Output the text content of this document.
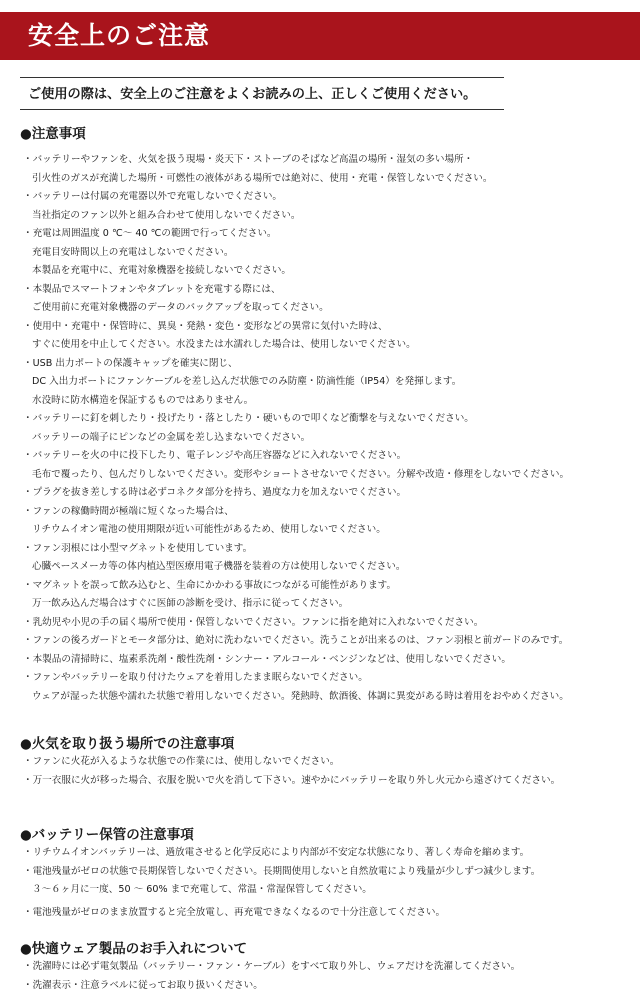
安全上のご注意

ご使用の際は、安全上のご注意をよくお読みの上、正しくご使用ください。

●注意事項
・バッテリーやファンを、火気を扱う現場・炎天下・ストーブのそばなど高温の場所・湿気の多い場所・
引火性のガスが充満した場所・可燃性の液体がある場所では絶対に、使用・充電・保管しないでください。
・バッテリーは付属の充電器以外で充電しないでください。
当社指定のファン以外と組み合わせて使用しないでください。
・充電は周囲温度 0 ℃～ 40 ℃の範囲で行ってください。
充電目安時間以上の充電はしないでください。
本製品を充電中に、充電対象機器を接続しないでください。
・本製品でスマートフォンやタブレットを充電する際には、
ご使用前に充電対象機器のデータのバックアップを取ってください。
・使用中・充電中・保管時に、異臭・発熱・変色・変形などの異常に気付いた時は、
すぐに使用を中止してください。水没または水濡れした場合は、使用しないでください。
・USB 出力ポートの保護キャップを確実に閉じ、
DC 入出力ポートにファンケーブルを差し込んだ状態でのみ防塵・防滴性能（IP54）を発揮します。
水没時に防水構造を保証するものではありません。
・バッテリーに釘を刺したり・投げたり・落としたり・硬いもので叩くなど衝撃を与えないでください。
バッテリーの端子にピンなどの金属を差し込まないでください。
・バッテリーを火の中に投下したり、電子レンジや高圧容器などに入れないでください。
毛布で覆ったり、包んだりしないでください。変形やショートさせないでください。分解や改造・修理をしないでください。
・プラグを抜き差しする時は必ずコネクタ部分を持ち、過度な力を加えないでください。
・ファンの稼働時間が極端に短くなった場合は、
リチウムイオン電池の使用期限が近い可能性があるため、使用しないでください。
・ファン羽根には小型マグネットを使用しています。
心臓ペースメーカ等の体内植込型医療用電子機器を装着の方は使用しないでください。
・マグネットを誤って飲み込むと、生命にかかわる事故につながる可能性があります。
万一飲み込んだ場合はすぐに医師の診断を受け、指示に従ってください。
・乳幼児や小児の手の届く場所で使用・保管しないでください。ファンに指を絶対に入れないでください。
・ファンの後ろガードとモータ部分は、絶対に洗わないでください。洗うことが出来るのは、ファン羽根と前ガードのみです。
・本製品の清掃時に、塩素系洗剤・酸性洗剤・シンナー・アルコール・ベンジンなどは、使用しないでください。
・ファンやバッテリーを取り付けたウェアを着用したまま眠らないでください。
ウェアが湿った状態や濡れた状態で着用しないでください。発熱時、飲酒後、体調に異変がある時は着用をおやめください。
●火気を取り扱う場所での注意事項
・ファンに火花が入るような状態での作業には、使用しないでください。
・万一衣服に火が移った場合、衣服を脱いで火を消して下さい。速やかにバッテリーを取り外し火元から遠ざけてください。
●バッテリー保管の注意事項
・リチウムイオンバッテリーは、過放電させると化学反応により内部が不安定な状態になり、著しく寿命を縮めます。
・電池残量がゼロの状態で長期保管しないでください。長期間使用しないと自然放電により残量が少しずつ減少します。
３～６ヶ月に一度、50 ～ 60% まで充電して、常温・常湿保管してください。
・電池残量がゼロのまま放置すると完全放電し、再充電できなくなるので十分注意してください。
●快適ウェア製品のお手入れについて
・洗濯時には必ず電気製品（バッテリー・ファン・ケーブル）をすべて取り外し、ウェアだけを洗濯してください。
・洗濯表示・注意ラベルに従ってお取り扱いください。
